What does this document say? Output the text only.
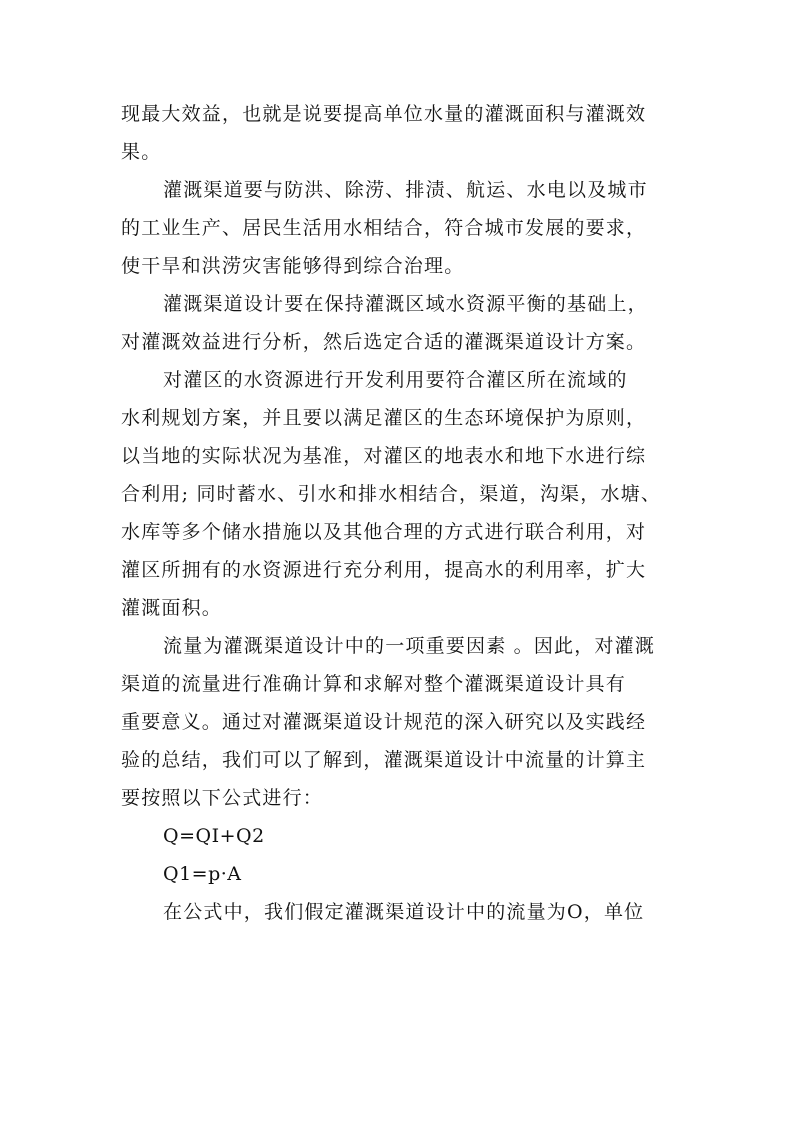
现最大效益，也就是说要提高单位水量的灌溉面积与灌溉效
果。
灌溉渠道要与防洪、除涝、排渍、航运、水电以及城市
的工业生产、居民生活用水相结合，符合城市发展的要求，
使干旱和洪涝灾害能够得到综合治理。
灌溉渠道设计要在保持灌溉区域水资源平衡的基础上，
对灌溉效益进行分析，然后选定合适的灌溉渠道设计方案。
对灌区的水资源进行开发利用要符合灌区所在流域的
水利规划方案，并且要以满足灌区的生态环境保护为原则，
以当地的实际状况为基准，对灌区的地表水和地下水进行综
合利用; 同时蓄水、引水和排水相结合，渠道，沟渠，水塘、
水库等多个储水措施以及其他合理的方式进行联合利用，对
灌区所拥有的水资源进行充分利用，提高水的利用率，扩大
灌溉面积。
流量为灌溉渠道设计中的一项重要因素 。因此，对灌溉
渠道的流量进行准确计算和求解对整个灌溉渠道设计具有
重要意义。通过对灌溉渠道设计规范的深入研究以及实践经
验的总结，我们可以了解到，灌溉渠道设计中流量的计算主
要按照以下公式进行：
Q=QI+Q2
Q1=p·A
在公式中，我们假定灌溉渠道设计中的流量为O，单位
